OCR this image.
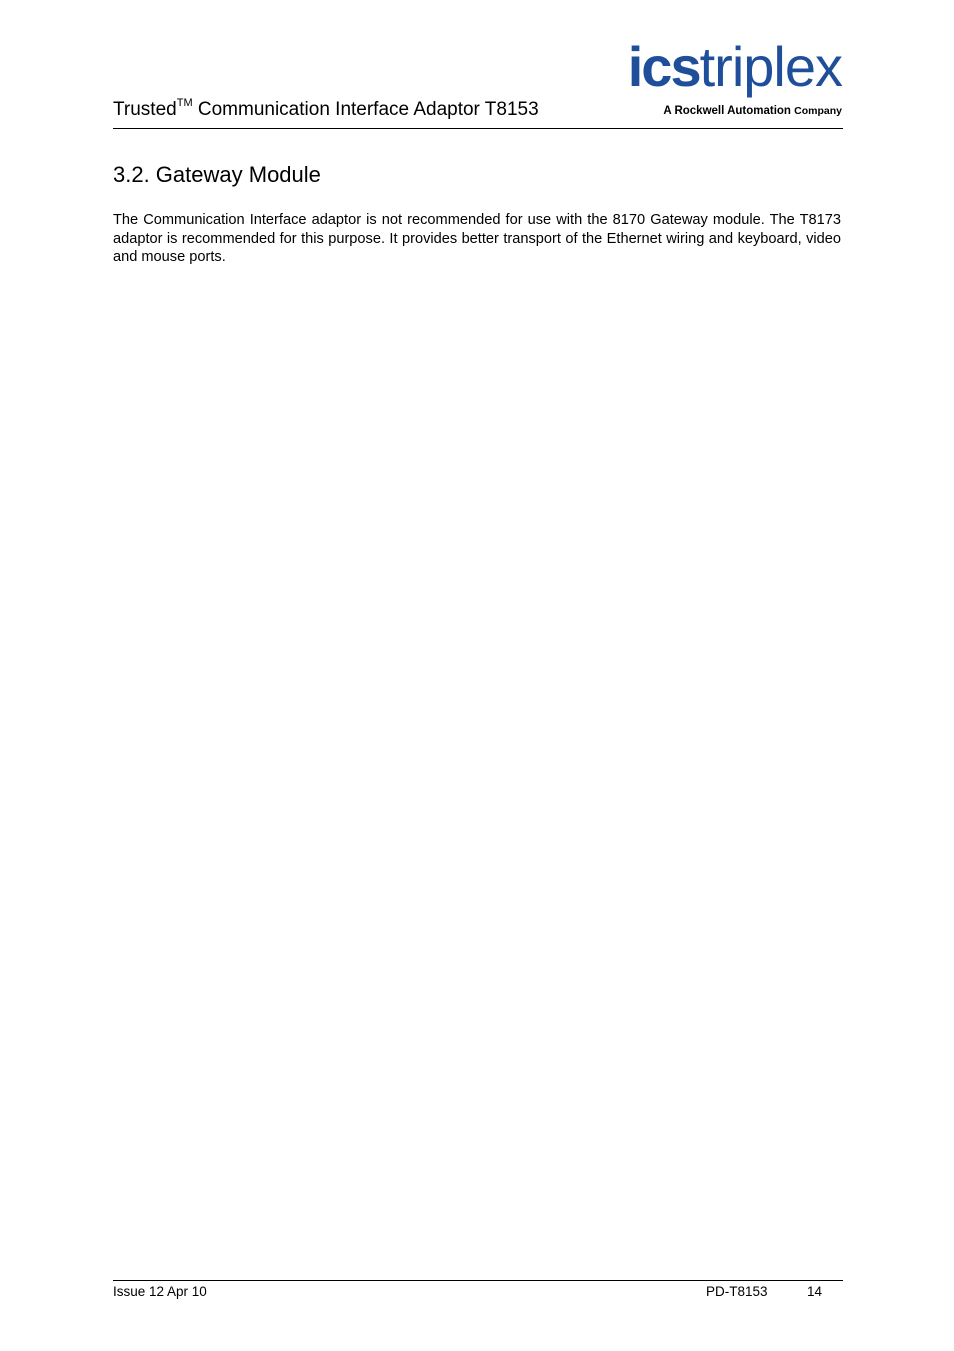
Trusted™ Communication Interface Adaptor T8153
icstriplex
A Rockwell Automation Company
3.2. Gateway Module

The Communication Interface adaptor is not recommended for use with the 8170 Gateway module. The T8173 adaptor is recommended for this purpose. It provides better transport of the Ethernet wiring and keyboard, video and mouse ports.

Issue 12 Apr 10	PD-T8153	14
